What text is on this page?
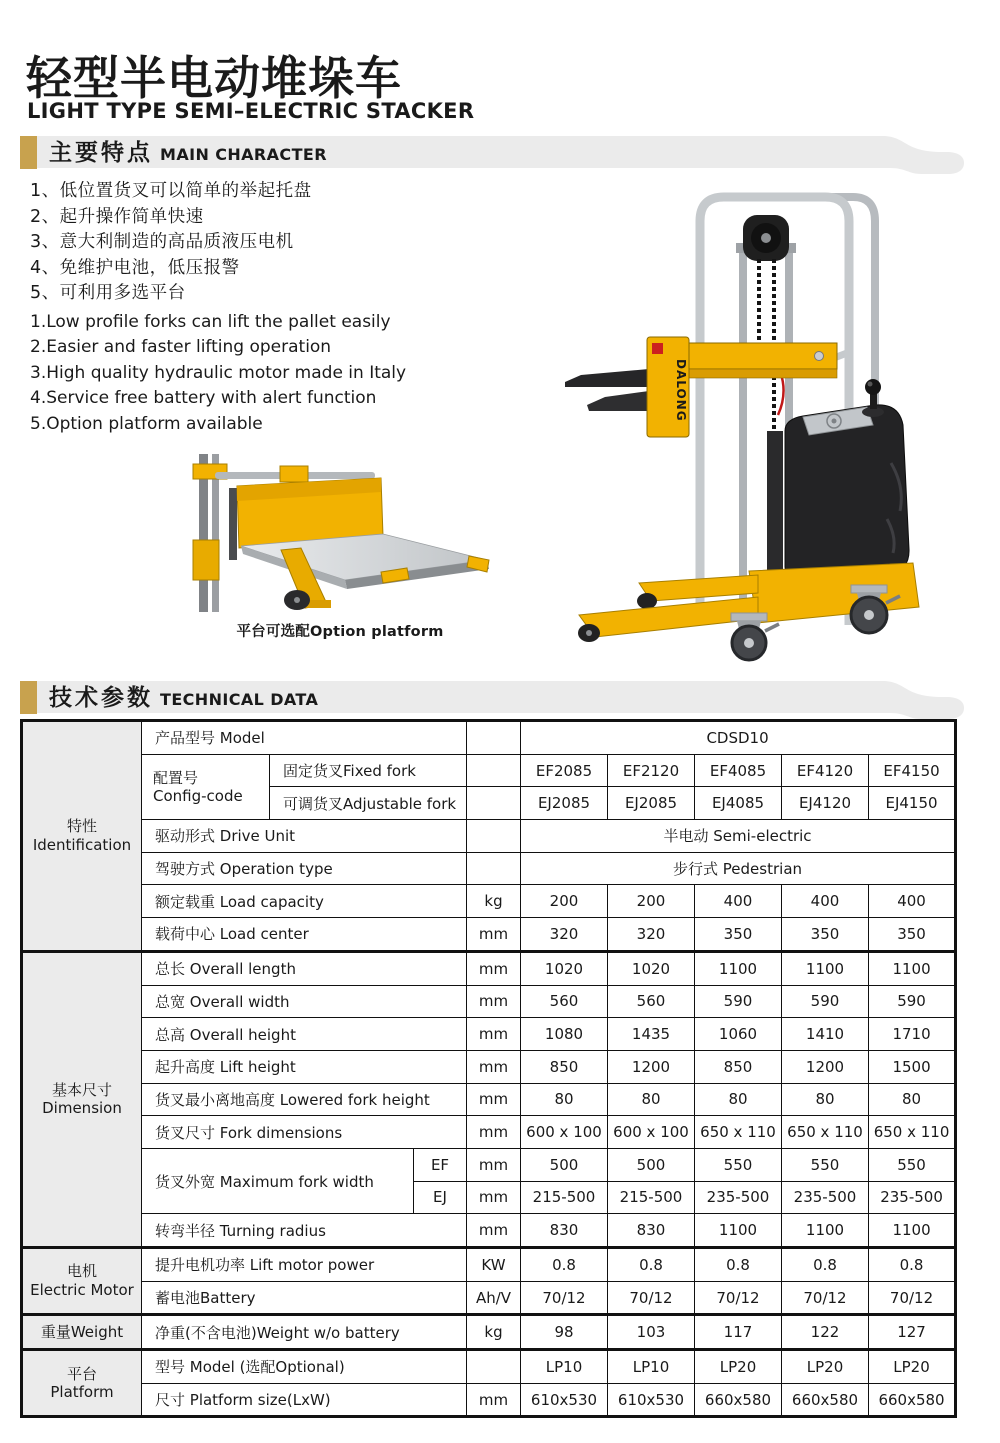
轻型半电动堆垛车
LIGHT TYPE SEMI–ELECTRIC STACKER
主要特点 MAIN CHARACTER
1、低位置货叉可以简单的举起托盘
2、起升操作简单快速
3、意大利制造的高品质液压电机
4、免维护电池，低压报警
5、可利用多选平台
1.Low profile forks can lift the pallet easily
2.Easier and faster lifting operation
3.High quality hydraulic motor made in Italy
4.Service free battery with alert function
5.Option platform available
平台可选配Option platform
DALONG
技术参数 TECHNICAL DATA
特性
Identification	产品型号 Model				CDSD10				

	配置号
Config-code	固定货叉Fixed fork			EF2085	EF2120	EF4085	EF4120	EF4150
		可调货叉Adjustable fork			EJ2085	EJ2085	EJ4085	EJ4120	EJ4150
	驱动形式 Drive Unit				半电动 Semi-electric				
	驾驶方式 Operation type				步行式 Pedestrian				
	额定载重 Load capacity			kg	200	200	400	400	400
	载荷中心 Load center			mm	320	320	350	350	350

基本尺寸
Dimension	总长 Overall length			mm	1020	1020	1100	1100	1100
	总宽 Overall width			mm	560	560	590	590	590
	总高 Overall height			mm	1080	1435	1060	1410	1710
	起升高度 Lift height			mm	850	1200	850	1200	1500
	货叉最小离地高度 Lowered fork height			mm	80	80	80	80	80
	货叉尺寸 Fork dimensions			mm	600 x 100	600 x 100	650 x 110	650 x 110	650 x 110
	货叉外宽 Maximum fork width		EF	mm	500	500	550	550	550
			EJ	mm	215-500	215-500	235-500	235-500	235-500
	转弯半径 Turning radius			mm	830	830	1100	1100	1100

电机
Electric Motor	提升电机功率 Lift motor power			KW	0.8	0.8	0.8	0.8	0.8
	蓄电池Battery			Ah/V	70/12	70/12	70/12	70/12	70/12
重量Weight	净重(不含电池)Weight w/o battery			kg	98	103	117	122	127

平台
Platform	型号 Model (选配Optional)				LP10	LP10	LP20	LP20	LP20
	尺寸 Platform size(LxW)			mm	610x530	610x530	660x580	660x580	660x580
